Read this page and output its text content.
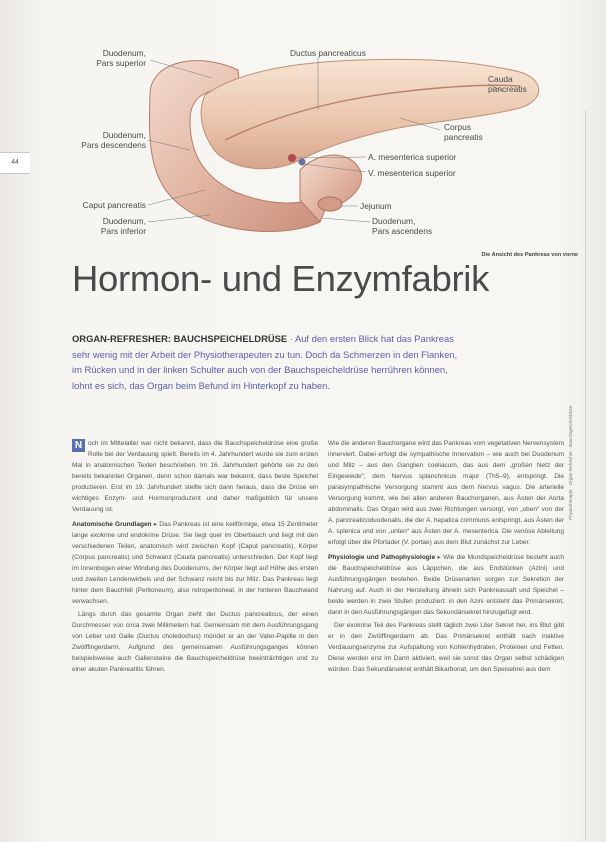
44
Duodenum,
Pars superior
Ductus pancreaticus
Cauda
pancreatis
Corpus
pancreatis
Duodenum,
Pars descendens
A. mesenterica superior
V. mesenterica superior
Caput pancreatis	Jejunum
Duodenum,
Pars inferior
Duodenum,
Pars ascendens
Die Ansicht des Pankreas von vorne
Hormon- und Enzymfabrik
ORGAN-REFRESHER: BAUCHSPEICHELDRÜSE · Auf den ersten Blick hat das Pankreas sehr wenig mit der Arbeit der Physiotherapeuten zu tun. Doch da Schmerzen in den Flanken, im Rücken und in der linken Schulter auch von der Bauchspeicheldrüse herrühren können, lohnt es sich, das Organ beim Befund im Hinterkopf zu haben.

N och im Mittelalter war nicht bekannt, dass die Bauchspeicheldrüse eine große Rolle bei der Verdauung spielt. Bereits im 4. Jahrhundert wurde sie zum ersten Mal in anatomischen Texten beschrieben. Im 16. Jahrhundert gehörte sie zu den bereits bekannten Organen, denn schon damals war bekannt, dass beste Speichel produzieren. Erst im 19. Jahrhundert stellte sich dann heraus, dass die Drüse ein wichtiges Enzym- und Hormonproduzent und daher maßgeblich für unsere Verdauung ist.

Anatomische Grundlagen ▸ Das Pankreas ist eine keilförmige, etwa 15 Zentimeter lange exokrine und endokrine Drüse. Sie liegt quer im Oberbauch und liegt mit den verschiedenen Teilen, anatomisch wird zwischen Kopf (Caput pancreatis), Körper (Corpus pancreatis) und Schwanz (Cauda pancreatis) unterschieden. Der Kopf liegt im Innenbogen einer Windung des Duodenums, der Körper liegt auf Höhe des ersten und zweiten Lendenwirbels und der Schwanz reicht bis zur Milz. Das Pankreas liegt hinter dem Bauchfell (Peritoneum), also retroperitoneal, in der hinteren Bauchwand verwachsen.

Längs durch das gesamte Organ zieht der Ductus pancreaticus, der einen Durchmesser von circa zwei Millimetern hat. Gemeinsam mit dem Ausführungsgang von Leber und Galle (Ductus choledochus) mündet er an der Vater-Papille in den Zwölffingerdarm. Aufgrund des gemeinsamen Ausführungsganges können beispielsweise auch Gallensteine die Bauchspeicheldrüse beeinträchtigen und zu einer akuten Pankreatitis führen.

Wie die anderen Bauchorgane wird das Pankreas vom vegetativen Nervensystem innerviert. Dabei erfolgt die sympathische Innervation – wie auch bei Duodenum und Milz – aus den Ganglien coeliacum, das aus dem „großen Netz der Eingeweide“, dem Nervus splanchnicus major (Th5–9), entspringt. Die parasympathische Versorgung stammt aus dem Nervus vagus. Die arterielle Versorgung kommt, wie bei allen anderen Bauchorganen, aus Ästen der Aorta abdominalis. Das Organ wird aus zwei Richtungen versorgt, von „oben“ von der A. pancreaticoduodenalis, die der A. hepatica communis entspringt, aus Ästen der A. splenica und von „unten“ aus Ästen der A. mesenterica. Die venöse Ableitung erfolgt über die Pfortader (V. portae) aus dem Blut zunächst zur Leber.

Physiologie und Pathophysiologie ▸ Wie die Mundspeicheldrüse besteht auch die Bauchspeicheldrüse aus Läppchen, die aus Endstücken (Azini) und Ausführungsgängen bestehen. Beide Drüsenarten sorgen zur Sekretion der Nahrung auf. Auch in der Herstellung ähneln sich Pankreassaft und Speichel – beide werden in zwei Stufen produziert: in den Azini entsteht das Primärsekret, dann in den Ausführungsgängen das Sekundärsekret hinzugefügt wird.

Der exokrine Teil des Pankreas stellt täglich zwei Liter Sekret her, ins Blut gibt er in den Zwölffingerdarm ab. Das Primärsekret enthält nach inaktive Verdauungsenzyme zur Aufspaltung von Kohlenhydraten, Proteinen und Fetten. Diese werden erst im Darm aktiviert, weil sie sonst das Organ selbst schädigen würden. Das Sekundärsekret enthält Bikarbonat, um den Speisebrei aus dem

Physiotherapie · Organ-Refresher · Bauchspeicheldrüse
